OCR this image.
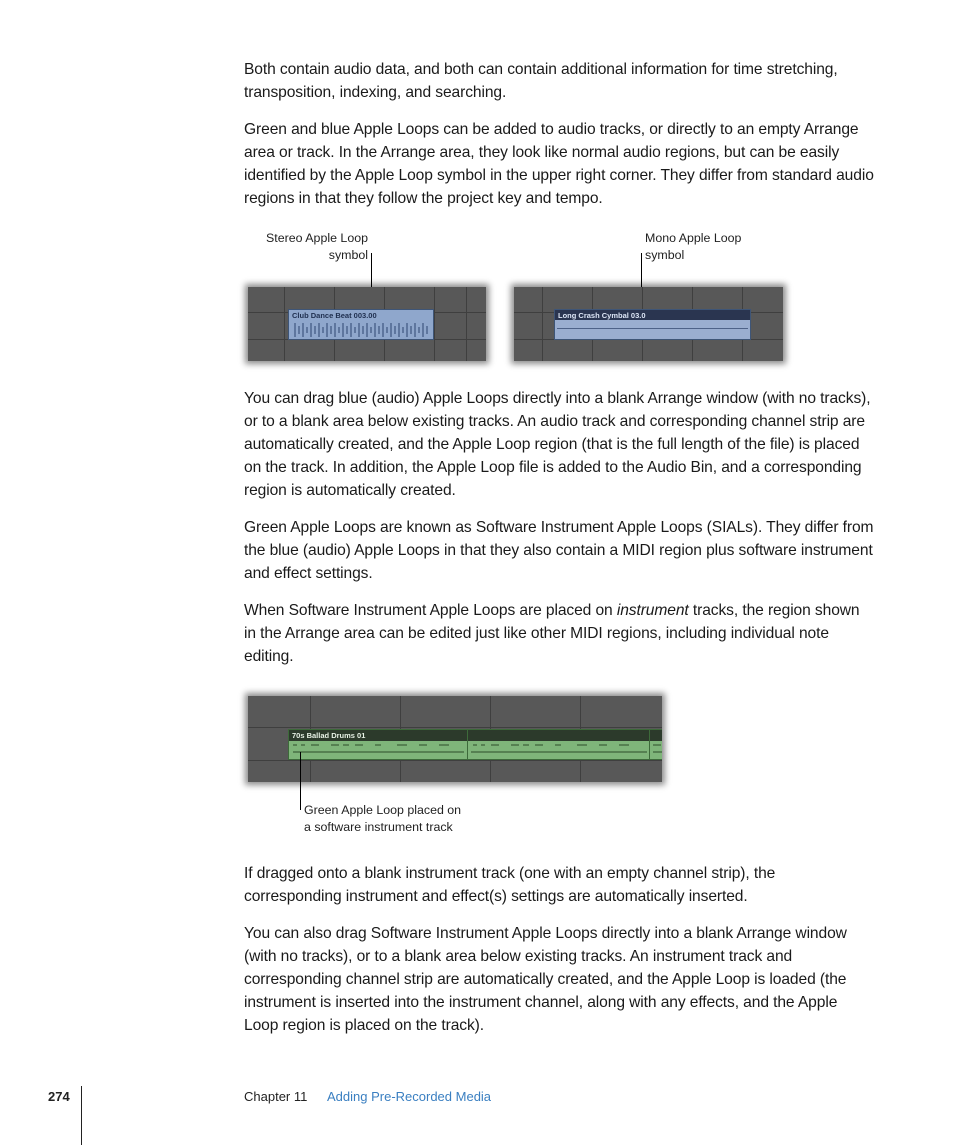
Both contain audio data, and both can contain additional information for time stretching, transposition, indexing, and searching.

Green and blue Apple Loops can be added to audio tracks, or directly to an empty Arrange area or track. In the Arrange area, they look like normal audio regions, but can be easily identified by the Apple Loop symbol in the upper right corner. They differ from standard audio regions in that they follow the project key and tempo.

Stereo Apple Loop
symbol
Mono Apple Loop
symbol
Club Dance Beat 003.00	Long Crash Cymbal 03.0

You can drag blue (audio) Apple Loops directly into a blank Arrange window (with no tracks), or to a blank area below existing tracks. An audio track and corresponding channel strip are automatically created, and the Apple Loop region (that is the full length of the file) is placed on the track. In addition, the Apple Loop file is added to the Audio Bin, and a corresponding region is automatically created.

Green Apple Loops are known as Software Instrument Apple Loops (SIALs). They differ from the blue (audio) Apple Loops in that they also contain a MIDI region plus software instrument and effect settings.

When Software Instrument Apple Loops are placed on instrument tracks, the region shown in the Arrange area can be edited just like other MIDI regions, including individual note editing.

70s Ballad Drums 01
Green Apple Loop placed on
a software instrument track

If dragged onto a blank instrument track (one with an empty channel strip), the corresponding instrument and effect(s) settings are automatically inserted.

You can also drag Software Instrument Apple Loops directly into a blank Arrange window (with no tracks), or to a blank area below existing tracks. An instrument track and corresponding channel strip are automatically created, and the Apple Loop is loaded (the instrument is inserted into the instrument channel, along with any effects, and the Apple Loop region is placed on the track).

274	Chapter 11 Adding Pre-Recorded Media
